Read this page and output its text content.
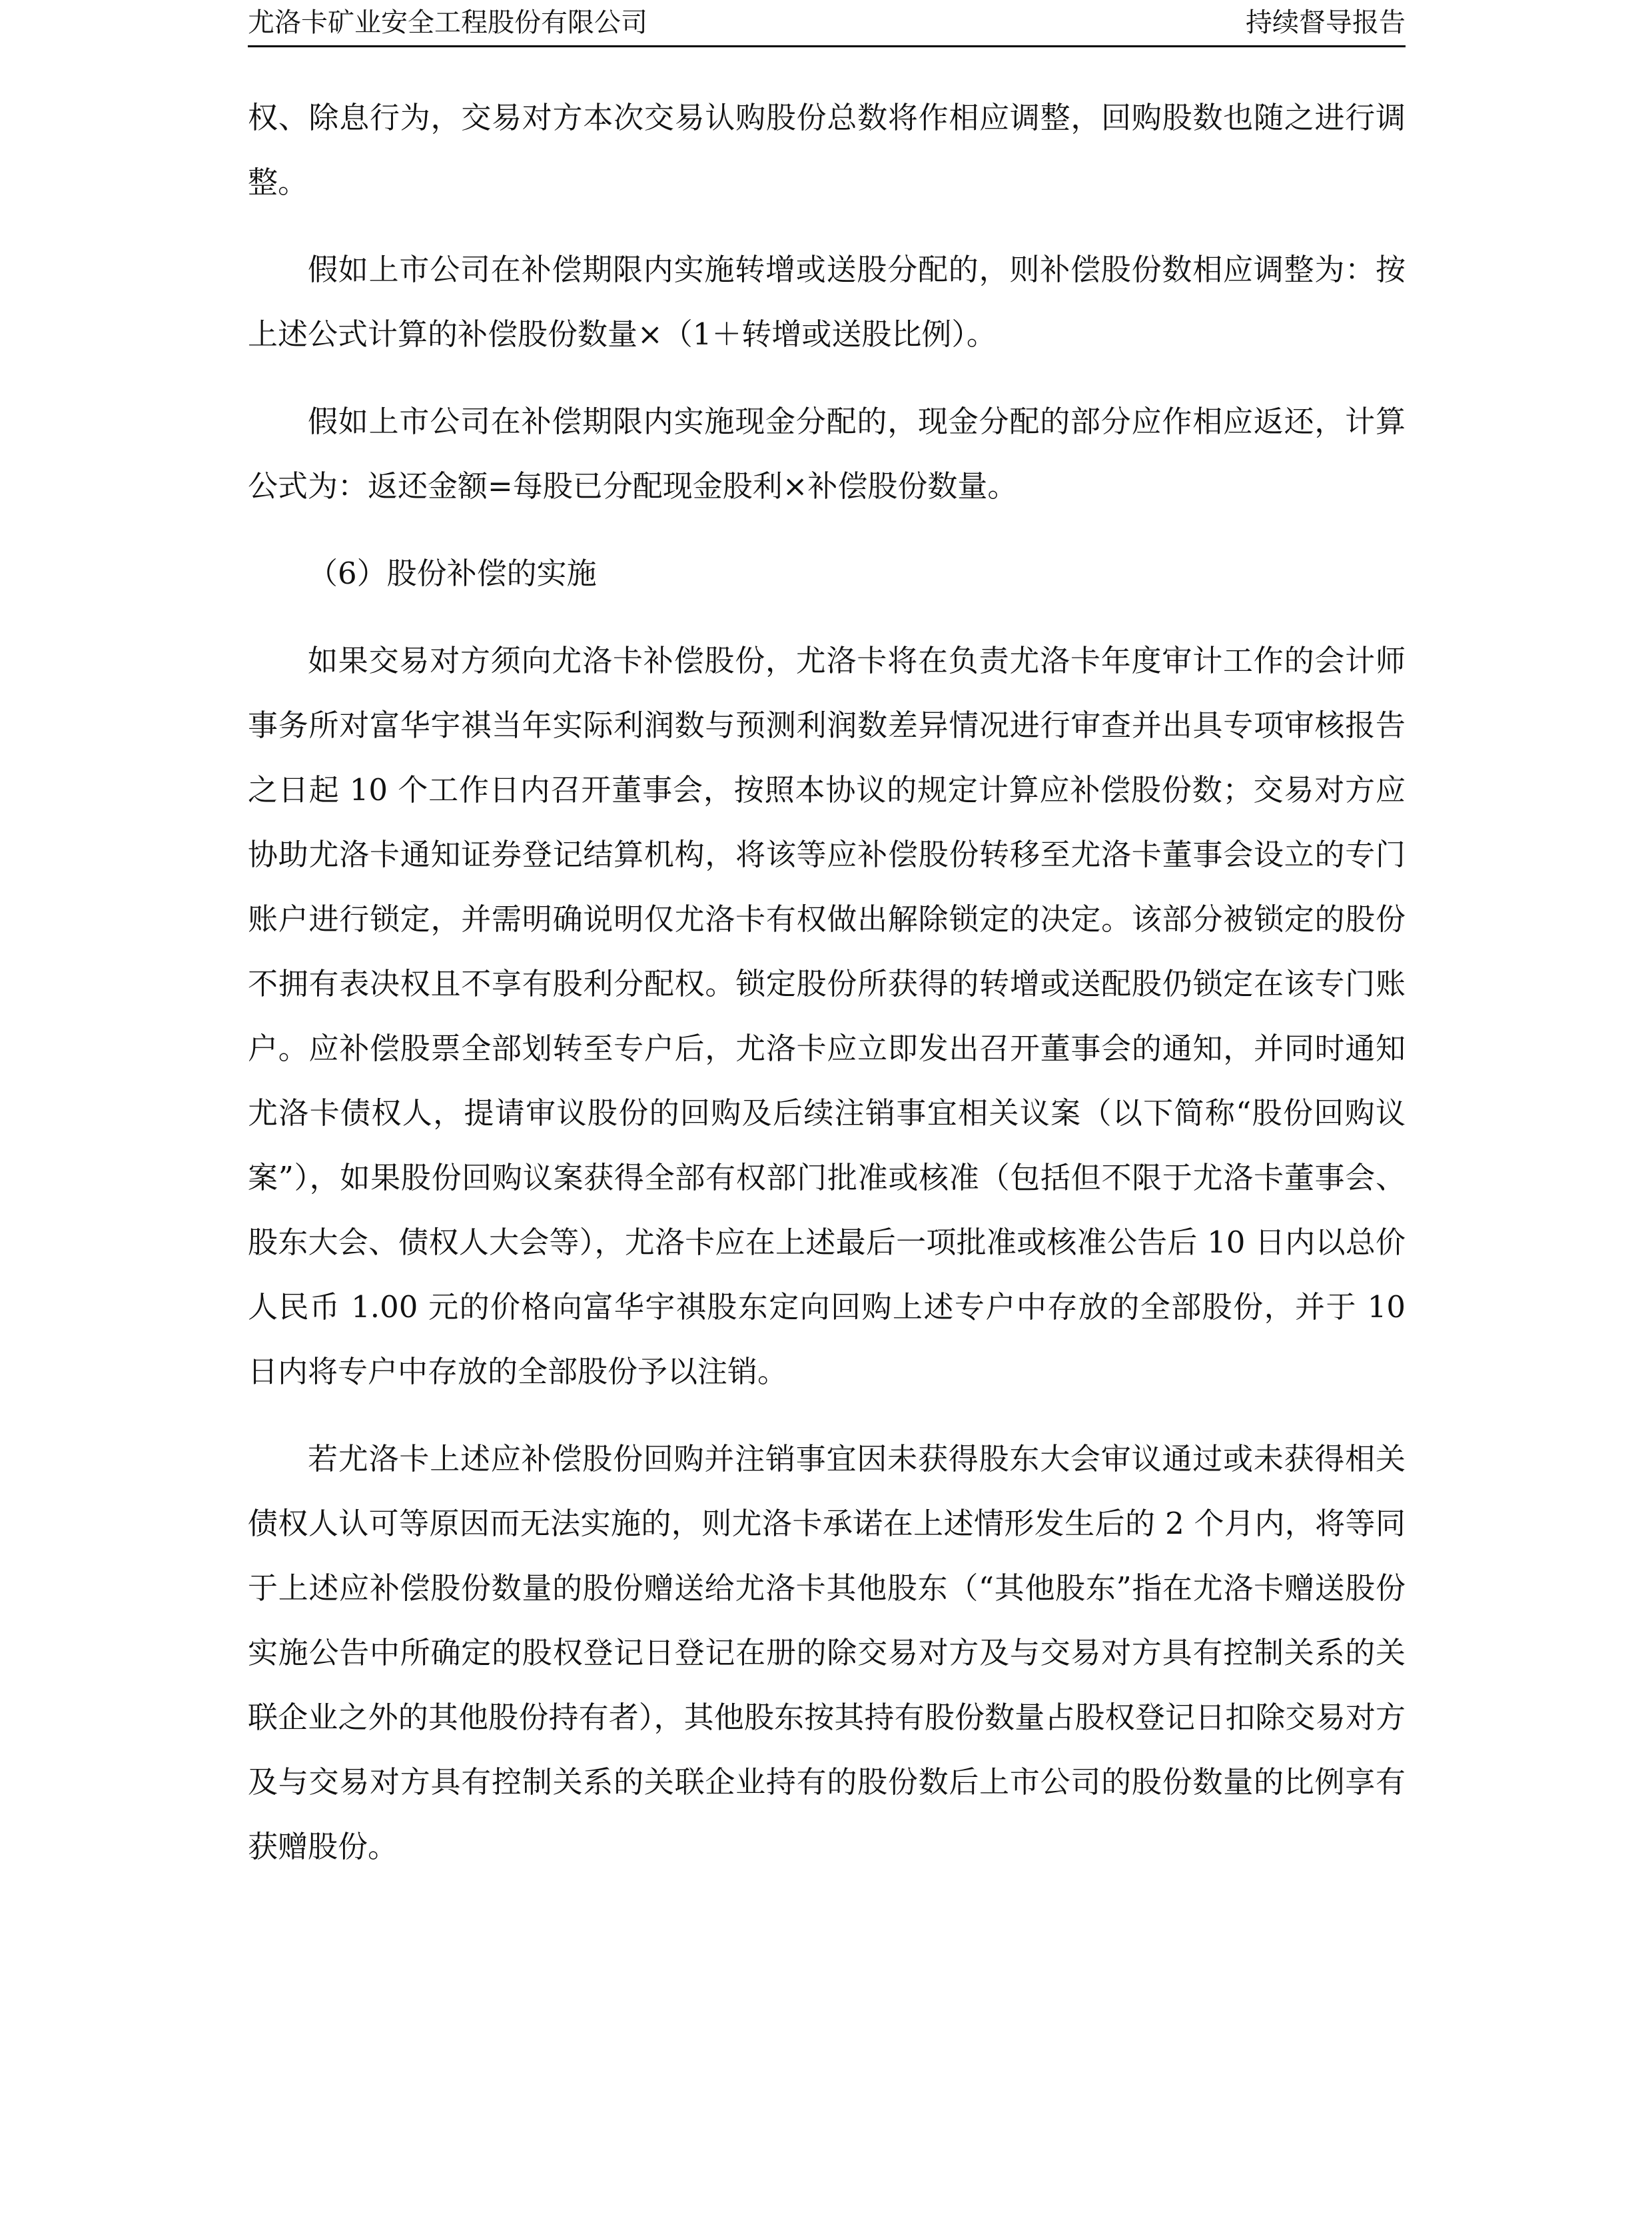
尤洛卡矿业安全工程股份有限公司	持续督导报告

权、除息行为，交易对方本次交易认购股份总数将作相应调整，回购股数也随之进行调整。

假如上市公司在补偿期限内实施转增或送股分配的，则补偿股份数相应调整为：按上述公式计算的补偿股份数量×（1＋转增或送股比例）。

假如上市公司在补偿期限内实施现金分配的，现金分配的部分应作相应返还，计算公式为：返还金额=每股已分配现金股利×补偿股份数量。

（6）股份补偿的实施

如果交易对方须向尤洛卡补偿股份，尤洛卡将在负责尤洛卡年度审计工作的会计师事务所对富华宇祺当年实际利润数与预测利润数差异情况进行审查并出具专项审核报告之日起 10 个工作日内召开董事会，按照本协议的规定计算应补偿股份数；交易对方应协助尤洛卡通知证券登记结算机构，将该等应补偿股份转移至尤洛卡董事会设立的专门账户进行锁定，并需明确说明仅尤洛卡有权做出解除锁定的决定。该部分被锁定的股份不拥有表决权且不享有股利分配权。锁定股份所获得的转增或送配股仍锁定在该专门账户。应补偿股票全部划转至专户后，尤洛卡应立即发出召开董事会的通知，并同时通知尤洛卡债权人，提请审议股份的回购及后续注销事宜相关议案（以下简称“股份回购议案”），如果股份回购议案获得全部有权部门批准或核准（包括但不限于尤洛卡董事会、股东大会、债权人大会等），尤洛卡应在上述最后一项批准或核准公告后 10 日内以总价人民币 1.00 元的价格向富华宇祺股东定向回购上述专户中存放的全部股份，并于 10 日内将专户中存放的全部股份予以注销。

若尤洛卡上述应补偿股份回购并注销事宜因未获得股东大会审议通过或未获得相关债权人认可等原因而无法实施的，则尤洛卡承诺在上述情形发生后的 2 个月内，将等同于上述应补偿股份数量的股份赠送给尤洛卡其他股东（“其他股东”指在尤洛卡赠送股份实施公告中所确定的股权登记日登记在册的除交易对方及与交易对方具有控制关系的关联企业之外的其他股份持有者），其他股东按其持有股份数量占股权登记日扣除交易对方及与交易对方具有控制关系的关联企业持有的股份数后上市公司的股份数量的比例享有获赠股份。
